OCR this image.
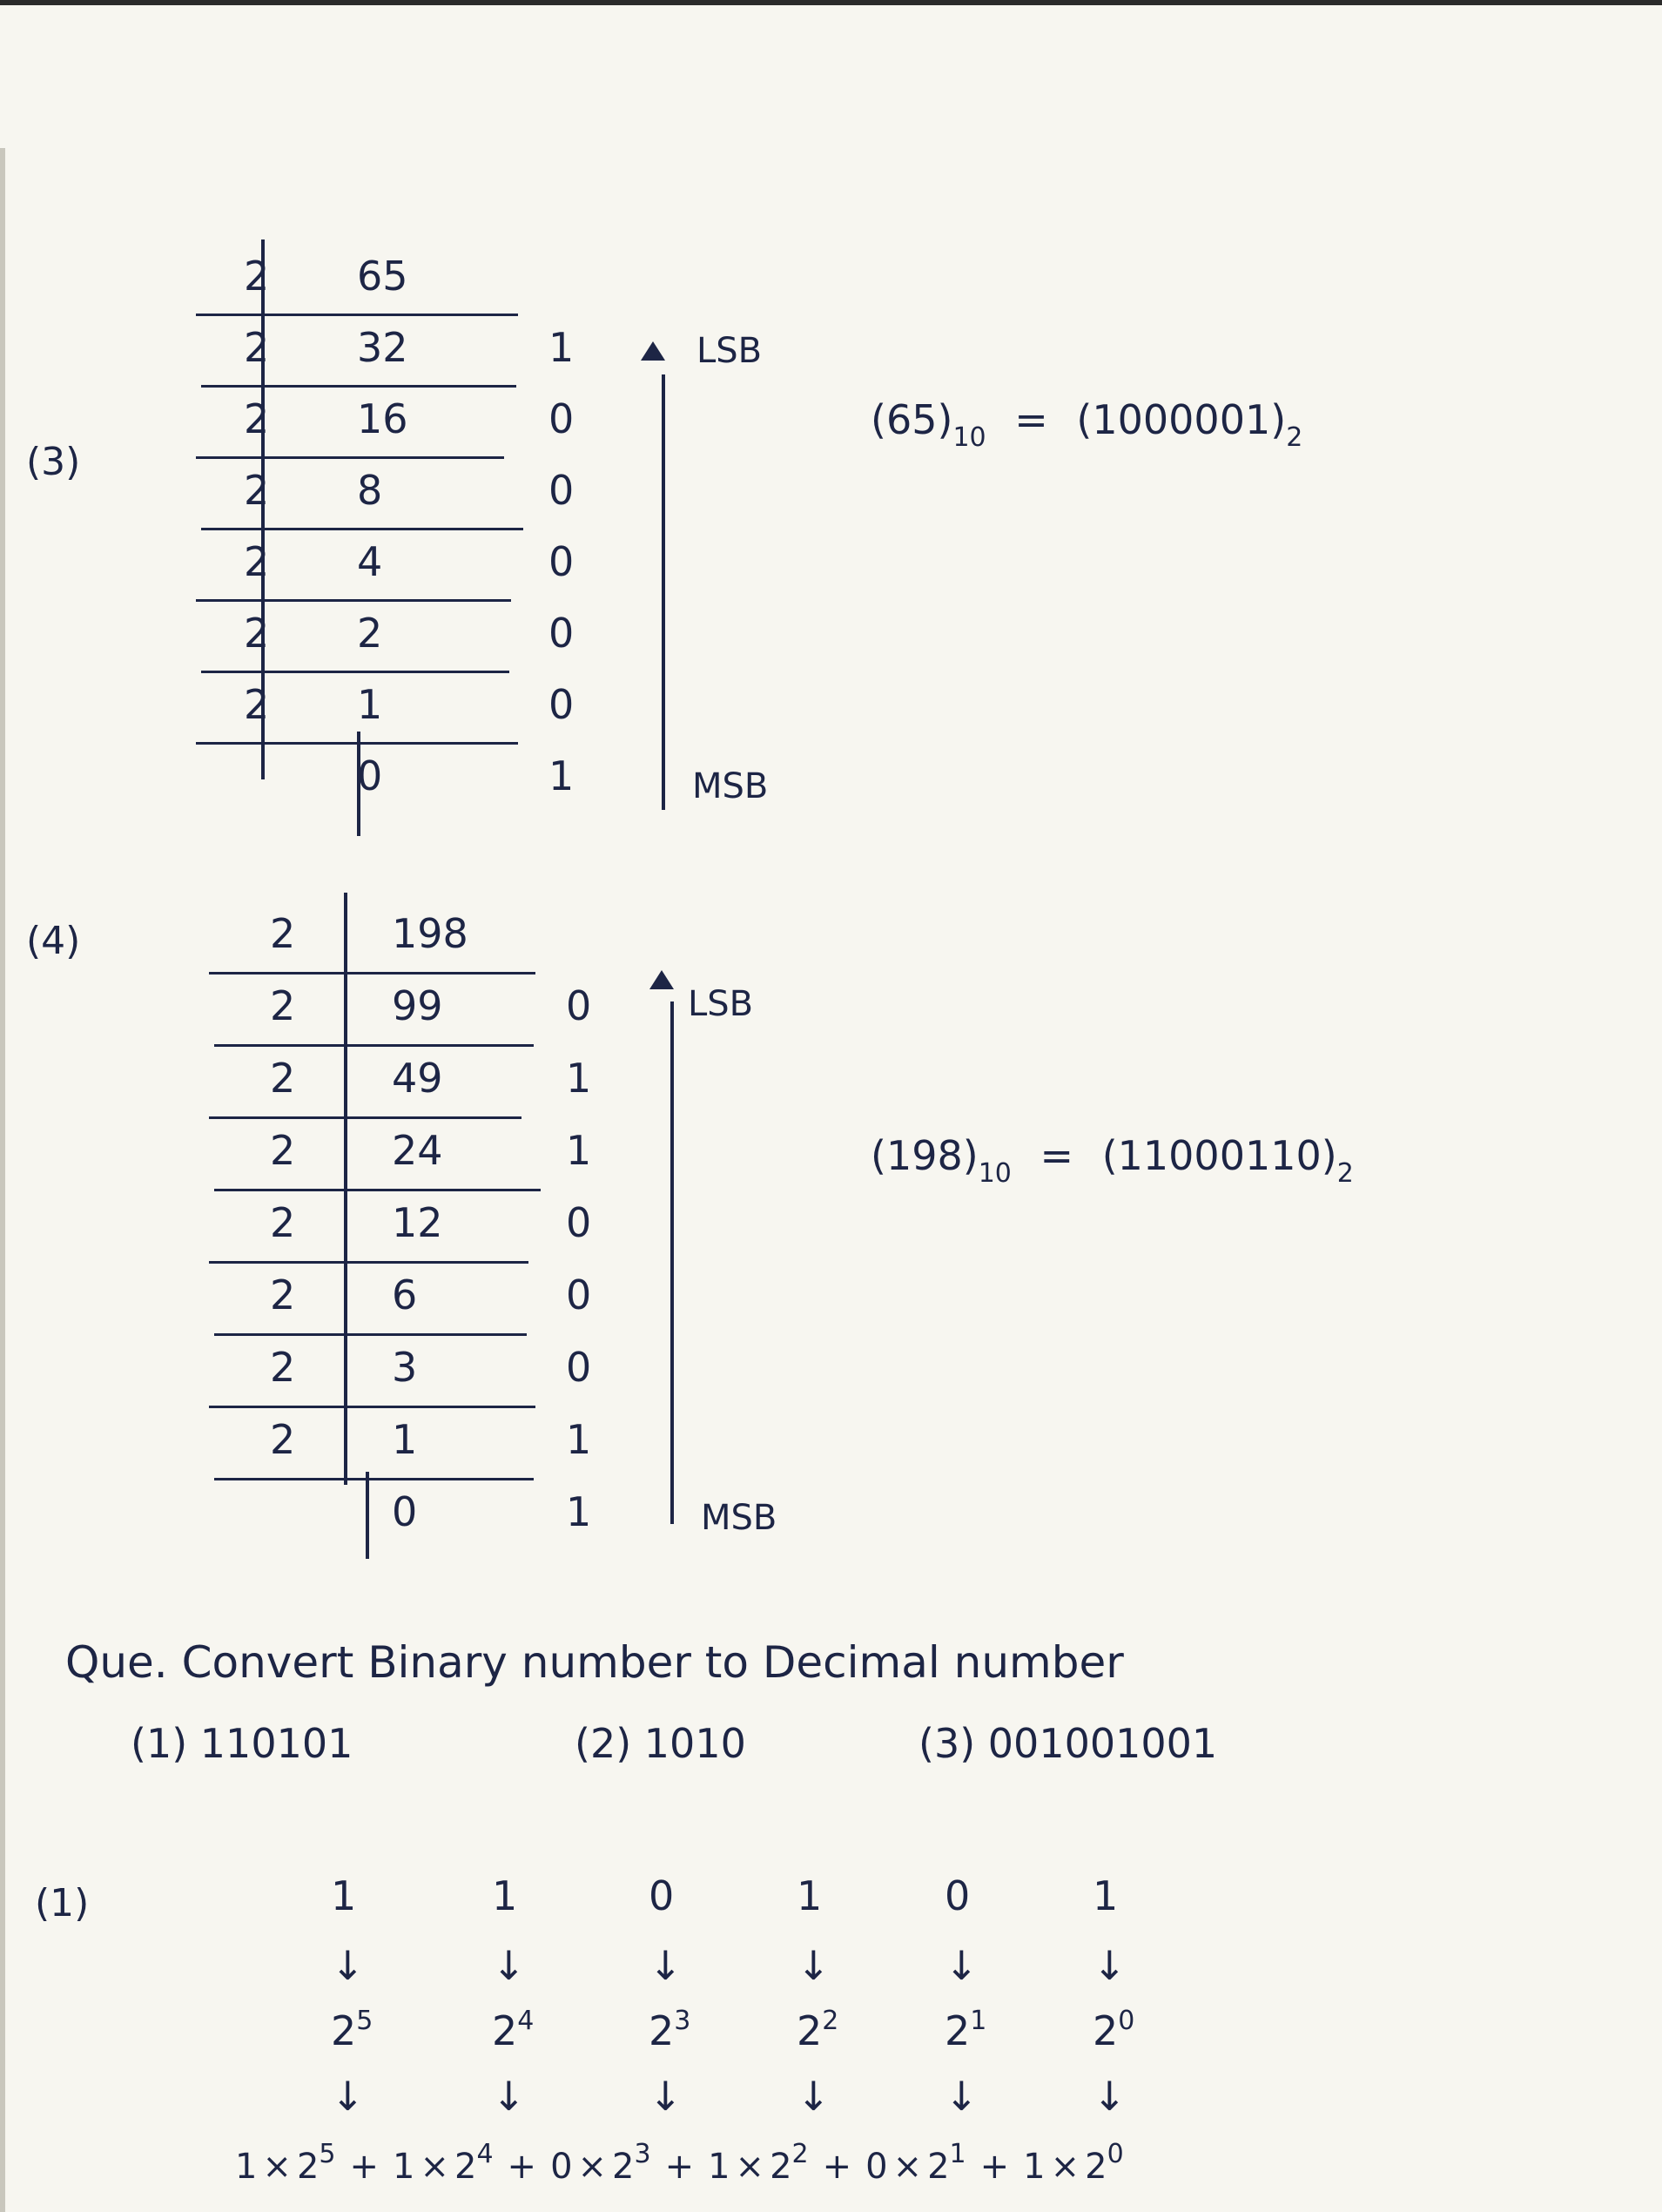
(3)
LSB
MSB
$(65)_{10} = (1000001)_2$
2 65
2 32
2 16
2 8
2 4
2 2
2 1
0
1
0
0
0
0
0
1
(4)
LSB
MSB
$(198)_{10} = (11000110)_2$
2 198
2 99
2 49
2 24
2 12
2 6
2 3
2 1
0
0
1
1
0
0
0
1
1
Que. Convert Binary number to Decimal number
(1) 110101	(2) 1010	(3) 001001001
(1)
$1 \times 2^5 + 1 \times 2^4 + 0 \times 2^3 + 1 \times 2^2 + 0 \times 2^1 + 1 \times 2^0$
1
↓
$2^5$
↓
1
↓
$2^4$
↓
0
↓
$2^3$
↓
1
↓
$2^2$
↓
0
↓
$2^1$
↓
1
↓
$2^0$
↓
